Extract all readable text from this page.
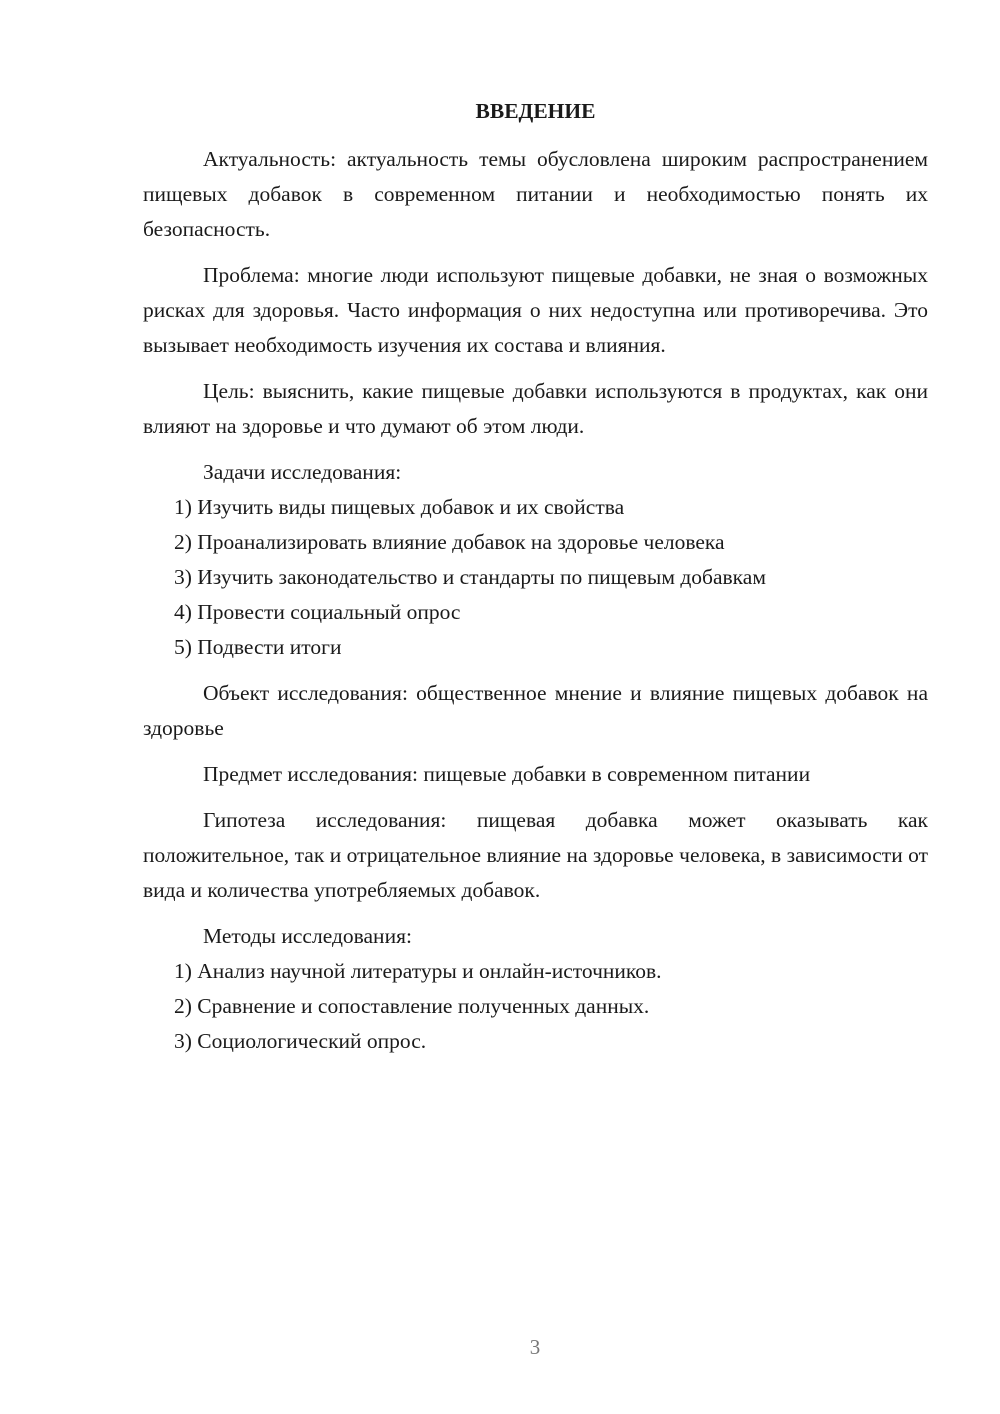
ВВЕДЕНИЕ

Актуальность: актуальность темы обусловлена широким распространением пищевых добавок в современном питании и необходимостью понять их безопасность.

Проблема: многие люди используют пищевые добавки, не зная о возможных рисках для здоровья. Часто информация о них недоступна или противоречива. Это вызывает необходимость изучения их состава и влияния.

Цель: выяснить, какие пищевые добавки используются в продуктах, как они влияют на здоровье и что думают об этом люди.

Задачи исследования:

1) Изучить виды пищевых добавок и их свойства

2) Проанализировать влияние добавок на здоровье человека

3) Изучить законодательство и стандарты по пищевым добавкам

4) Провести социальный опрос

5) Подвести итоги

Объект исследования: общественное мнение и влияние пищевых добавок на здоровье

Предмет исследования: пищевые добавки в современном питании

Гипотеза исследования: пищевая добавка может оказывать как положительное, так и отрицательное влияние на здоровье человека, в зависимости от вида и количества употребляемых добавок.

Методы исследования:

1) Анализ научной литературы и онлайн-источников.

2) Сравнение и сопоставление полученных данных.

3) Социологический опрос.

3
